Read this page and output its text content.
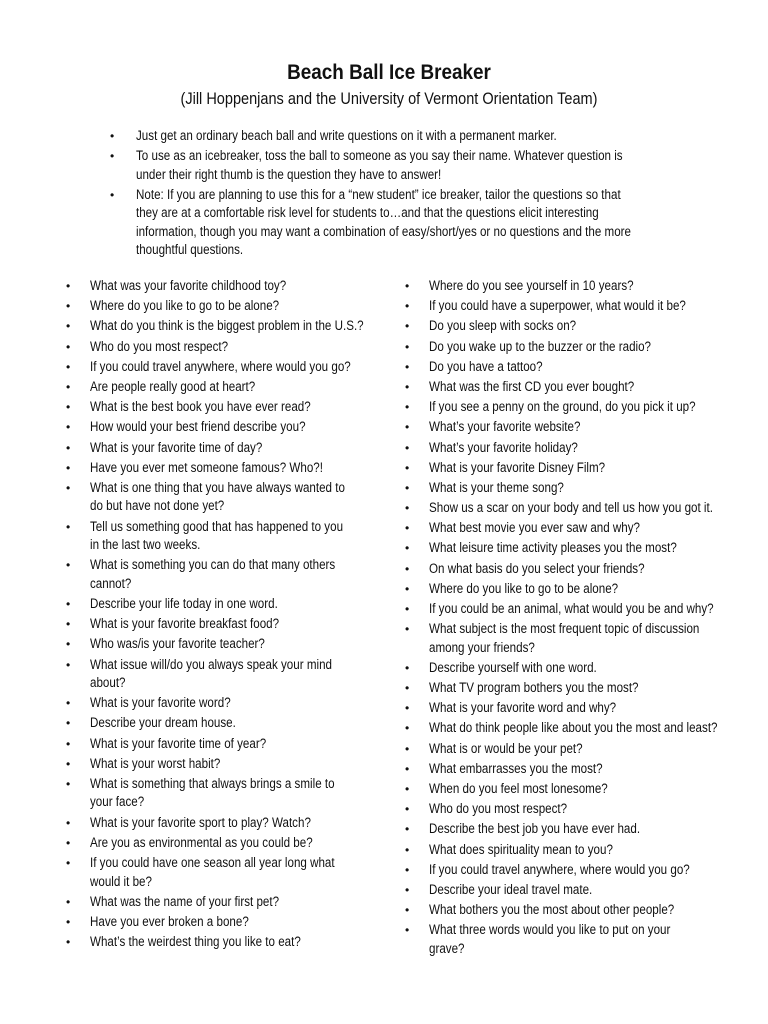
Beach Ball Ice Breaker

(Jill Hoppenjans and the University of Vermont Orientation Team)

• Just get an ordinary beach ball and write questions on it with a permanent marker.
• To use as an icebreaker, toss the ball to someone as you say their name. Whatever question is
under their right thumb is the question they have to answer!
• Note: If you are planning to use this for a “new student” ice breaker, tailor the questions so that
they are at a comfortable risk level for students to…and that the questions elicit interesting
information, though you may want a combination of easy/short/yes or no questions and the more
thoughtful questions.
• What was your favorite childhood toy?
• Where do you like to go to be alone?
• What do you think is the biggest problem in the U.S.?
• Who do you most respect?
• If you could travel anywhere, where would you go?
• Are people really good at heart?
• What is the best book you have ever read?
• How would your best friend describe you?
• What is your favorite time of day?
• Have you ever met someone famous? Who?!
• What is one thing that you have always wanted to
do but have not done yet?
• Tell us something good that has happened to you
in the last two weeks.
• What is something you can do that many others
cannot?
• Describe your life today in one word.
• What is your favorite breakfast food?
• Who was/is your favorite teacher?
• What issue will/do you always speak your mind
about?
• What is your favorite word?
• Describe your dream house.
• What is your favorite time of year?
• What is your worst habit?
• What is something that always brings a smile to
your face?
• What is your favorite sport to play? Watch?
• Are you as environmental as you could be?
• If you could have one season all year long what
would it be?
• What was the name of your first pet?
• Have you ever broken a bone?
• What’s the weirdest thing you like to eat?
• Where do you see yourself in 10 years?
• If you could have a superpower, what would it be?
• Do you sleep with socks on?
• Do you wake up to the buzzer or the radio?
• Do you have a tattoo?
• What was the first CD you ever bought?
• If you see a penny on the ground, do you pick it up?
• What’s your favorite website?
• What’s your favorite holiday?
• What is your favorite Disney Film?
• What is your theme song?
• Show us a scar on your body and tell us how you got it.
• What best movie you ever saw and why?
• What leisure time activity pleases you the most?
• On what basis do you select your friends?
• Where do you like to go to be alone?
• If you could be an animal, what would you be and why?
• What subject is the most frequent topic of discussion
among your friends?
• Describe yourself with one word.
• What TV program bothers you the most?
• What is your favorite word and why?
• What do think people like about you the most and least?
• What is or would be your pet?
• What embarrasses you the most?
• When do you feel most lonesome?
• Who do you most respect?
• Describe the best job you have ever had.
• What does spirituality mean to you?
• If you could travel anywhere, where would you go?
• Describe your ideal travel mate.
• What bothers you the most about other people?
• What three words would you like to put on your
grave?
